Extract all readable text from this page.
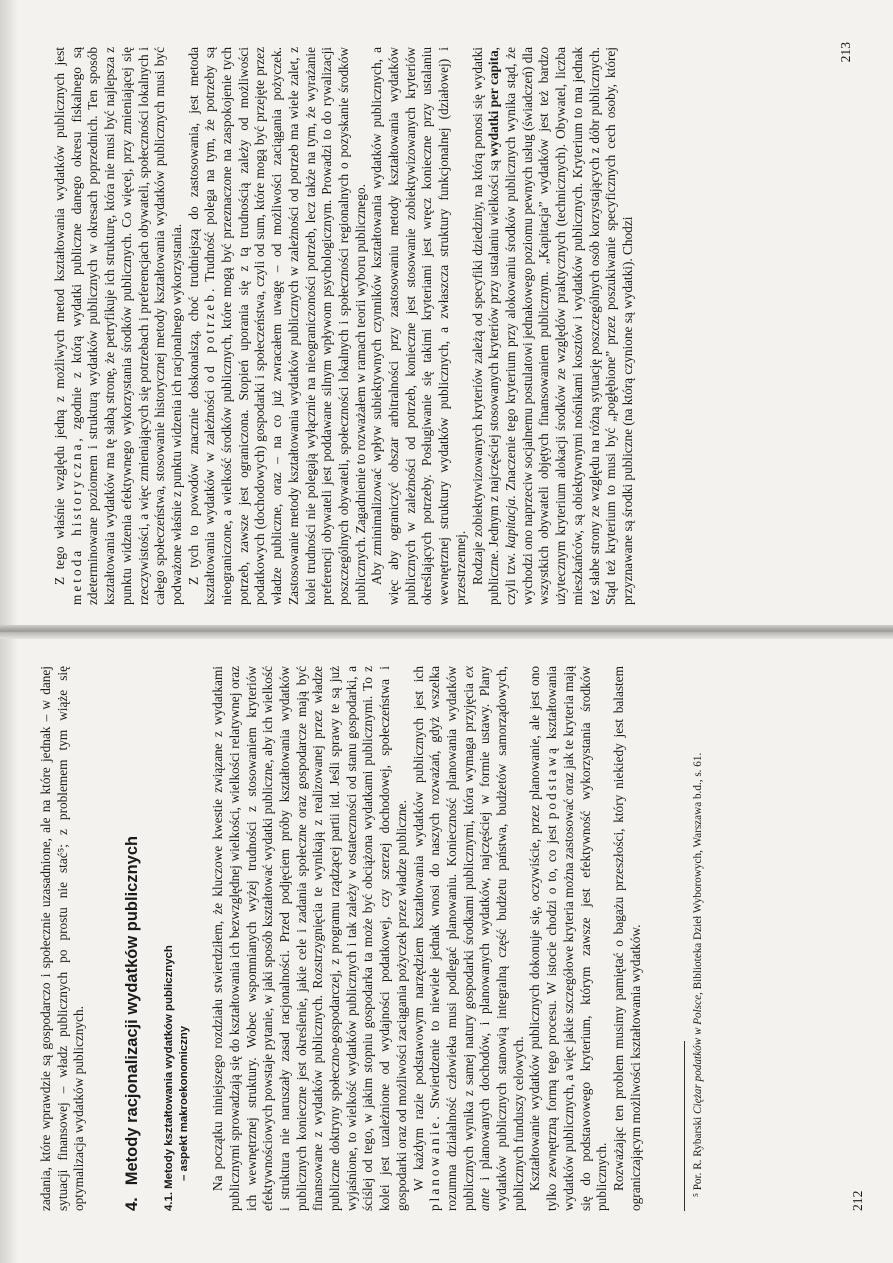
zadania, które wprawdzie są gospodarczo i społecznie uzasadnione, ale na które jednak – w danej sytuacji finansowej – władz publicznych po prostu nie stać⁵; z problemem tym wiąże się optymalizacja wydatków publicznych. 4.Metody racjonalizacji wydatków publicznych
4.1. Metody kształtowania wydatków publicznych – aspekt makroekonomiczny Na początku niniejszego rozdziału stwierdziłem, że kluczowe kwestie związane z wydatkami publicznymi sprowadzają się do kształtowania ich bezwzględnej wielkości, wielkości relatywnej oraz ich wewnętrznej struktury. Wobec wspomnianych wyżej trudności z stosowaniem kryteriów efektywnościowych powstaje pytanie, w jaki sposób kształtować wydatki publiczne, aby ich wielkość i struktura nie naruszały zasad racjonalności. Przed podjęciem próby kształtowania wydatków publicznych konieczne jest określenie, jakie cele i zadania społeczne oraz gospodarcze mają być finansowane z wydatków publicznych. Rozstrzygnięcia te wynikają z realizowanej przez władze publiczne doktryny społeczno-gospodarczej, z programu rządzącej partii itd. Jeśli sprawy te są już wyjaśnione, to wielkość wydatków publicznych i tak zależy w ostateczności od stanu gospodarki, a ściślej od tego, w jakim stopniu gospodarka ta może być obciążona wydatkami publicznymi. To z kolei jest uzależnione od wydajności podatkowej, czy szerzej dochodowej, społeczeństwa i gospodarki oraz od możliwości zaciągania pożyczek przez władze publiczne. W każdym razie podstawowym narzędziem kształtowania wydatków publicznych jest ich planowanie. Stwierdzenie to niewiele jednak wnosi do naszych rozważań, gdyż wszelka rozumna działalność człowieka musi podlegać planowaniu. Konieczność planowania wydatków publicznych wynika z samej natury gospodarki środkami publicznymi, która wymaga przyjęcia ex ante i planowanych dochodów, i planowanych wydatków, najczęściej w formie ustawy. Plany wydatków publicznych stanowią integralną część budżetu państwa, budżetów samorządowych, publicznych funduszy celowych. Kształtowanie wydatków publicznych dokonuje się, oczywiście, przez planowanie, ale jest ono tylko zewnętrzną formą tego procesu. W istocie chodzi o to, co jest podstawą kształtowania wydatków publicznych, a więc jakie szczegółowe kryteria można zastosować oraz jak te kryteria mają się do podstawowego kryterium, którym zawsze jest efektywność wykorzystania środków publicznych. Rozważając ten problem musimy pamiętać o bagażu przeszłości, który niekiedy jest balastem ograniczającym możliwości kształtowania wydatków.	⁵ Por. R. Rybarski Ciężar podatków w Polsce, Biblioteka Dzieł Wyborowych, Warszawa b.d., s. 61.

212

Z tego właśnie względu jedną z możliwych metod kształtowania wydatków publicznych jest metoda historyczna, zgodnie z którą wydatki publiczne danego okresu fiskalnego są zdeterminowane poziomem i strukturą wydatków publicznych w okresach poprzednich. Ten sposób kształtowania wydatków ma tę słabą stronę, że petryfikuje ich strukturę, która nie musi być najlepsza z punktu widzenia efektywnego wykorzystania środków publicznych. Co więcej, przy zmieniającej się rzeczywistości, a więc zmieniających się potrzebach i preferencjach obywateli, społeczności lokalnych i całego społeczeństwa, stosowanie historycznej metody kształtowania wydatków publicznych musi być podważone właśnie z punktu widzenia ich racjonalnego wykorzystania. Z tych to powodów znacznie doskonalszą, choć trudniejszą do zastosowania, jest metoda kształtowania wydatków w zależności od potrzeb. Trudność polega na tym, że potrzeby są nieograniczone, a wielkość środków publicznych, które mogą być przeznaczone na zaspokojenie tych potrzeb, zawsze jest ograniczona. Stopień uporania się z tą trudnością zależy od możliwości podatkowych (dochodowych) gospodarki i społeczeństwa, czyli od sum, które mogą być przejęte przez władze publiczne, oraz – na co już zwracałem uwagę – od możliwości zaciągania pożyczek. Zastosowanie metody kształtowania wydatków publicznych w zależności od potrzeb ma wiele zalet, z kolei trudności nie polegają wyłącznie na nieograniczoności potrzeb, lecz także na tym, że wyrażanie preferencji obywateli jest poddawane silnym wpływom psychologicznym. Prowadzi to do rywalizacji poszczególnych obywateli, społeczności lokalnych i społeczności regionalnych o pozyskanie środków publicznych. Zagadnienie to rozważałem w ramach teorii wyboru publicznego. Aby zminimalizować wpływ subiektywnych czynników kształtowania wydatków publicznych, a więc aby ograniczyć obszar arbitralności przy zastosowaniu metody kształtowania wydatków publicznych w zależności od potrzeb, konieczne jest stosowanie zobiektywizowanych kryteriów określających potrzeby. Posługiwanie się takimi kryteriami jest wręcz konieczne przy ustalaniu wewnętrznej struktury wydatków publicznych, a zwłaszcza struktury funkcjonalnej (działowej) i przestrzennej. Rodzaje zobiektywizowanych kryteriów zależą od specyfiki dziedziny, na którą ponosi się wydatki publiczne. Jednym z najczęściej stosowanych kryteriów przy ustalaniu wielkości są wydatki per capita, czyli tzw. kapitacja. Znaczenie tego kryterium przy alokowaniu środków publicznych wynika stąd, że wychodzi ono naprzeciw socjalnemu postulatowi jednakowego poziomu pewnych usług (świadczeń) dla wszystkich obywateli objętych finansowaniem publicznym. „Kapitacja” wydatków jest też bardzo użytecznym kryterium alokacji środków ze względów praktycznych (technicznych). Obywatel, liczba mieszkańców, są obiektywnymi nośnikami kosztów i wydatków publicznych. Kryterium to ma jednak też słabe strony ze względu na różną sytuację poszczególnych osób korzystających z dóbr publicznych. Stąd też kryterium to musi być „pogłębione” przez poszukiwanie specyficznych cech osoby, której przyznawane są środki publiczne (na którą czynione są wydatki). Chodzi

213
